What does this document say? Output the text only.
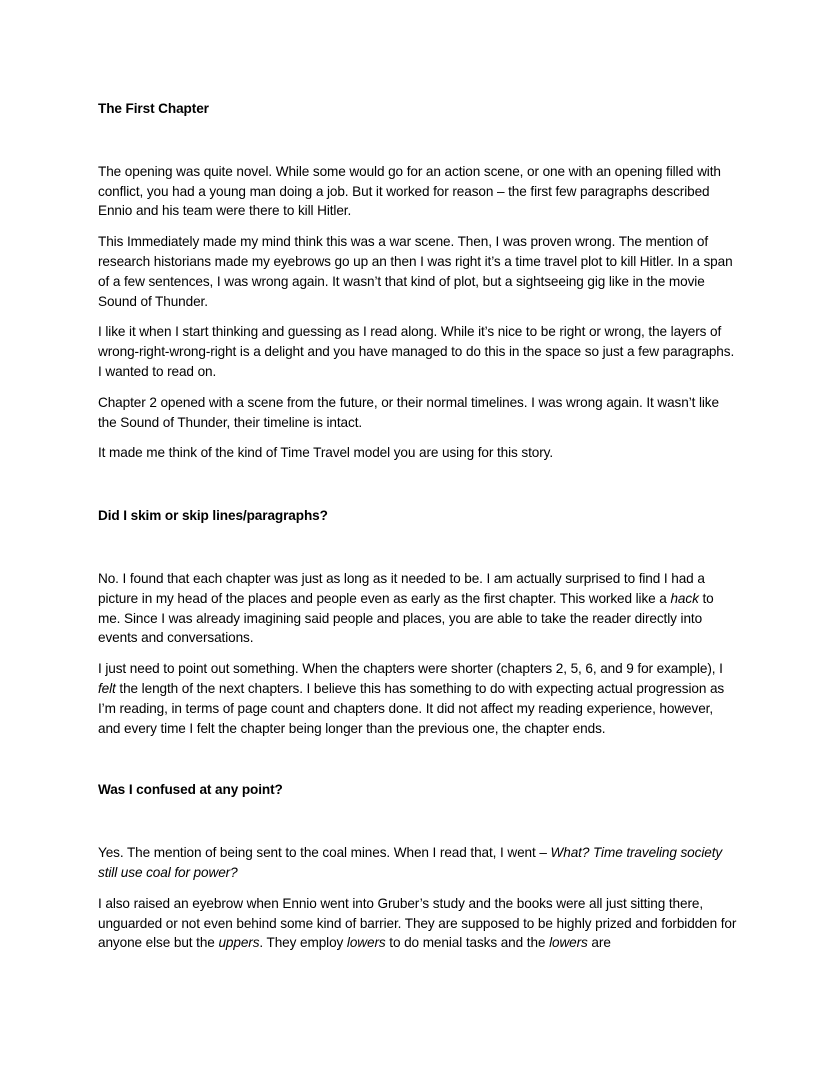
The First Chapter

The opening was quite novel. While some would go for an action scene, or one with an opening filled with conflict, you had a young man doing a job. But it worked for reason – the first few paragraphs described Ennio and his team were there to kill Hitler.

This Immediately made my mind think this was a war scene. Then, I was proven wrong. The mention of research historians made my eyebrows go up an then I was right it’s a time travel plot to kill Hitler. In a span of a few sentences, I was wrong again. It wasn’t that kind of plot, but a sightseeing gig like in the movie Sound of Thunder.

I like it when I start thinking and guessing as I read along. While it’s nice to be right or wrong, the layers of wrong-right-wrong-right is a delight and you have managed to do this in the space so just a few paragraphs. I wanted to read on.

Chapter 2 opened with a scene from the future, or their normal timelines. I was wrong again. It wasn’t like the Sound of Thunder, their timeline is intact.

It made me think of the kind of Time Travel model you are using for this story.

Did I skim or skip lines/paragraphs?

No. I found that each chapter was just as long as it needed to be. I am actually surprised to find I had a picture in my head of the places and people even as early as the first chapter. This worked like a hack to me. Since I was already imagining said people and places, you are able to take the reader directly into events and conversations.

I just need to point out something. When the chapters were shorter (chapters 2, 5, 6, and 9 for example), I felt the length of the next chapters. I believe this has something to do with expecting actual progression as I’m reading, in terms of page count and chapters done. It did not affect my reading experience, however, and every time I felt the chapter being longer than the previous one, the chapter ends.

Was I confused at any point?

Yes. The mention of being sent to the coal mines. When I read that, I went – What? Time traveling society still use coal for power?

I also raised an eyebrow when Ennio went into Gruber’s study and the books were all just sitting there, unguarded or not even behind some kind of barrier. They are supposed to be highly prized and forbidden for anyone else but the uppers. They employ lowers to do menial tasks and the lowers are
